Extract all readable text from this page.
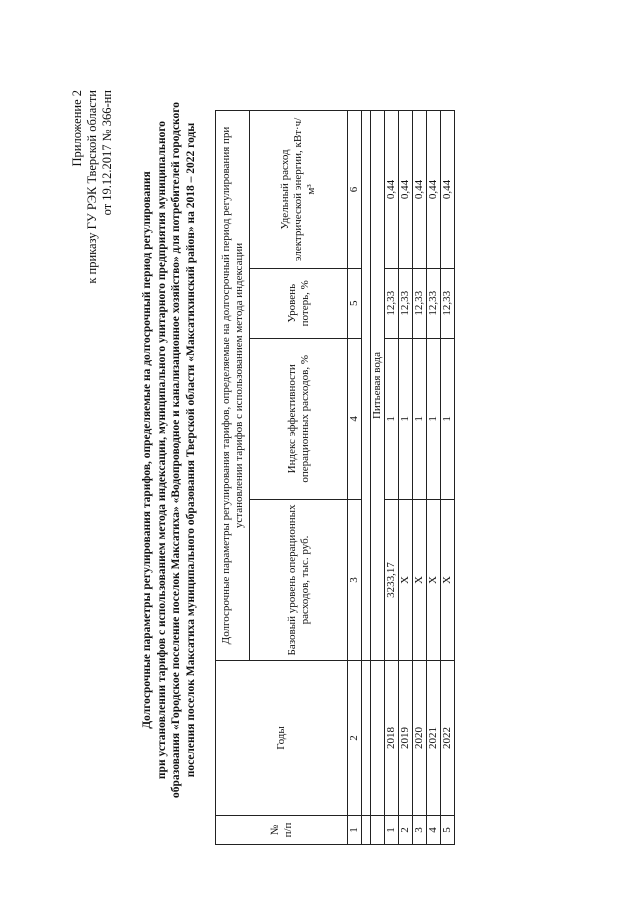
Приложение 2 к приказу ГУ РЭК Тверской области от 19.12.2017 № 366-нп
Долгосрочные параметры регулирования тарифов, определяемые на долгосрочный период регулирования при установлении тарифов с использованием метода индексации, муниципального унитарного предприятия муниципального образования «Городское поселение поселок Максатиха» «Водопроводное и канализационное хозяйство» для потребителей городского поселения поселок Максатиха муниципального образования Тверской области «Максатихинский район» на 2018 – 2022 годы
№ п/п	Годы	Долгосрочные параметры регулирования тарифов, определяемые на долгосрочный период регулирования при установлении тарифов с использованием метода индексации			
		Базовый уровень операционных расходов, тыс. руб.	Индекс эффективности операционных расходов, %	Уровень потерь, %	Удельный расход электрической энергии, кВт·ч/м³
1	2	3	4	5	6

		Питьевая вода			
1	2018	3233,17	1	12,33	0,44
2	2019	Х	1	12,33	0,44
3	2020	Х	1	12,33	0,44
4	2021	Х	1	12,33	0,44
5	2022	Х	1	12,33	0,44
